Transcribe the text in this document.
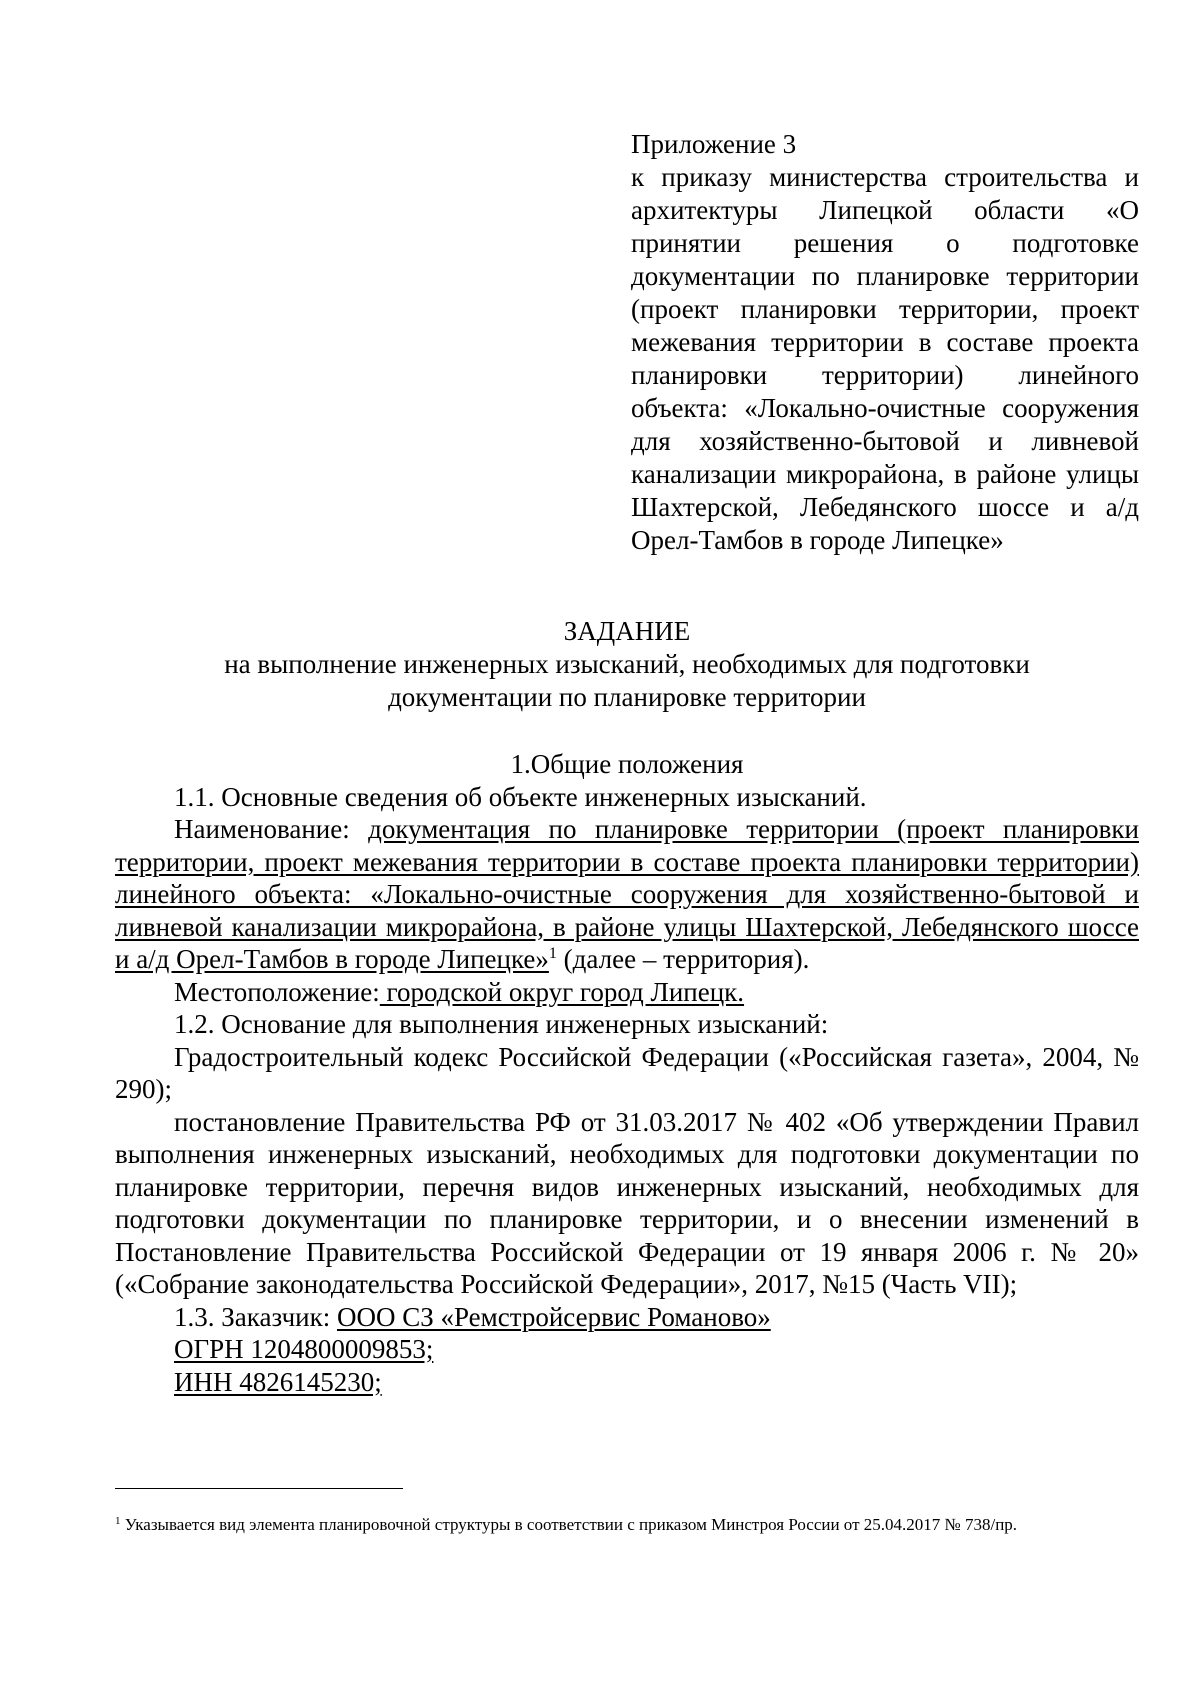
Приложение 3

к приказу министерства строительства и архитектуры Липецкой области «О принятии решения о подготовке документации по планировке территории (проект планировки территории, проект межевания территории в составе проекта планировки территории) линейного объекта: «Локально-очистные сооружения для хозяйственно-бытовой и ливневой канализации микрорайона, в районе улицы Шахтерской, Лебедянского шоссе и а/д Орел-Тамбов в городе Липецке»

ЗАДАНИЕ

на выполнение инженерных изысканий, необходимых для подготовки

документации по планировке территории

1.Общие положения

1.1. Основные сведения об объекте инженерных изысканий.

Наименование: документация по планировке территории (проект планировки территории, проект межевания территории в составе проекта планировки территории) линейного объекта: «Локально-очистные сооружения для хозяйственно-бытовой и ливневой канализации микрорайона, в районе улицы Шахтерской, Лебедянского шоссе и а/д Орел-Тамбов в городе Липецке»$^1$ (далее – территория).

Местоположение: городской округ город Липецк.

1.2. Основание для выполнения инженерных изысканий:

Градостроительный кодекс Российской Федерации («Российская газета», 2004, № 290);

постановление Правительства РФ от 31.03.2017 № 402 «Об утверждении Правил выполнения инженерных изысканий, необходимых для подготовки документации по планировке территории, перечня видов инженерных изысканий, необходимых для подготовки документации по планировке территории, и о внесении изменений в Постановление Правительства Российской Федерации от 19 января 2006 г. № 20» («Собрание законодательства Российской Федерации», 2017, №15 (Часть VII);

1.3. Заказчик: ООО СЗ «Ремстройсервис Романово»

ОГРН 1204800009853;

ИНН 4826145230;

$^1$ Указывается вид элемента планировочной структуры в соответствии с приказом Минстроя России от 25.04.2017 № 738/пр.
